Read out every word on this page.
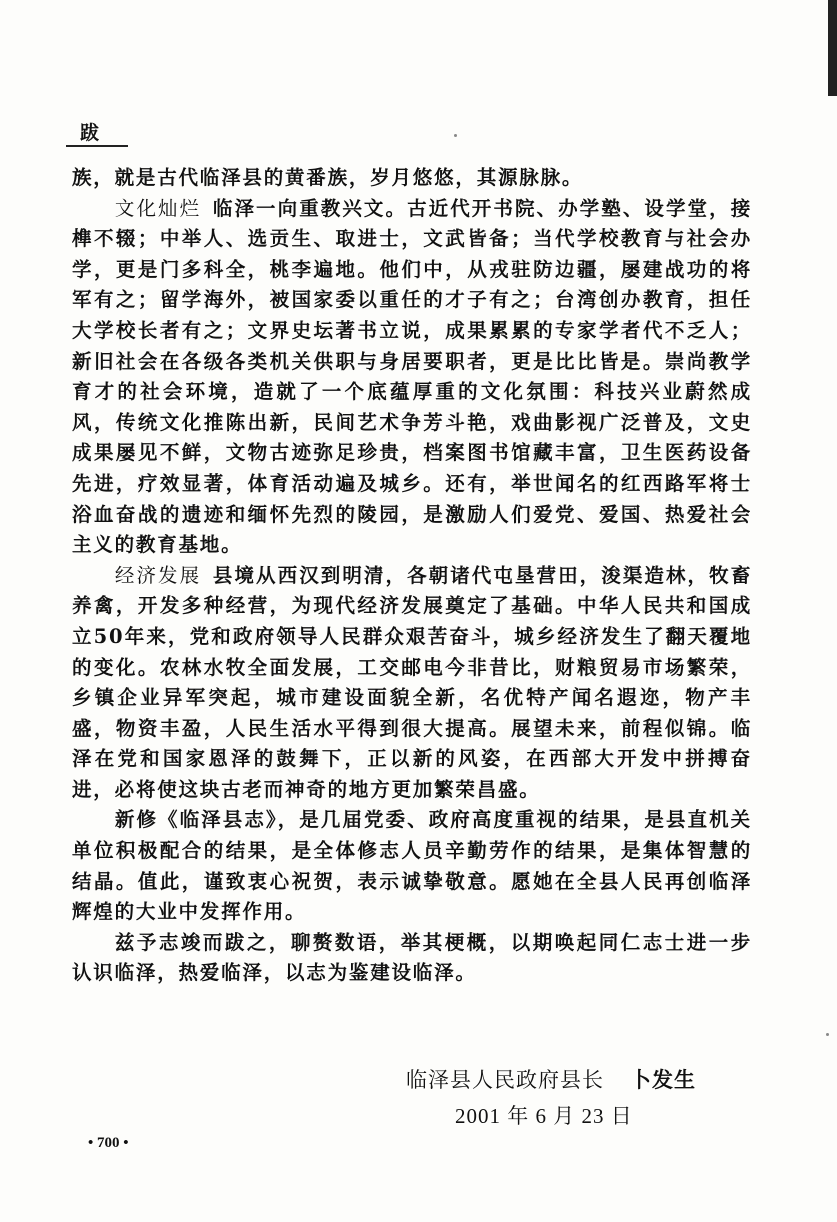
跋

族，就是古代临泽县的黄番族，岁月悠悠，其源脉脉。

文化灿烂 临泽一向重教兴文。古近代开书院、办学塾、设学堂，接榫不辍；中举人、选贡生、取进士，文武皆备；当代学校教育与社会办学，更是门多科全，桃李遍地。他们中，从戎驻防边疆，屡建战功的将军有之；留学海外，被国家委以重任的才子有之；台湾创办教育，担任大学校长者有之；文界史坛著书立说，成果累累的专家学者代不乏人；新旧社会在各级各类机关供职与身居要职者，更是比比皆是。崇尚教学育才的社会环境，造就了一个底蕴厚重的文化氛围：科技兴业蔚然成风，传统文化推陈出新，民间艺术争芳斗艳，戏曲影视广泛普及，文史成果屡见不鲜，文物古迹弥足珍贵，档案图书馆藏丰富，卫生医药设备先进，疗效显著，体育活动遍及城乡。还有，举世闻名的红西路军将士浴血奋战的遗迹和缅怀先烈的陵园，是激励人们爱党、爱国、热爱社会主义的教育基地。

经济发展 县境从西汉到明清，各朝诸代屯垦营田，浚渠造林，牧畜养禽，开发多种经营，为现代经济发展奠定了基础。中华人民共和国成立50年来，党和政府领导人民群众艰苦奋斗，城乡经济发生了翻天覆地的变化。农林水牧全面发展，工交邮电今非昔比，财粮贸易市场繁荣，乡镇企业异军突起，城市建设面貌全新，名优特产闻名遐迩，物产丰盛，物资丰盈，人民生活水平得到很大提高。展望未来，前程似锦。临泽在党和国家恩泽的鼓舞下，正以新的风姿，在西部大开发中拼搏奋进，必将使这块古老而神奇的地方更加繁荣昌盛。

新修《临泽县志》，是几届党委、政府高度重视的结果，是县直机关单位积极配合的结果，是全体修志人员辛勤劳作的结果，是集体智慧的结晶。值此，谨致衷心祝贺，表示诚挚敬意。愿她在全县人民再创临泽辉煌的大业中发挥作用。

兹予志竣而跋之，聊赘数语，举其梗概，以期唤起同仁志士进一步认识临泽，热爱临泽，以志为鉴建设临泽。

临泽县人民政府县长 卜发生
2001 年 6 月 23 日
• 700 •
